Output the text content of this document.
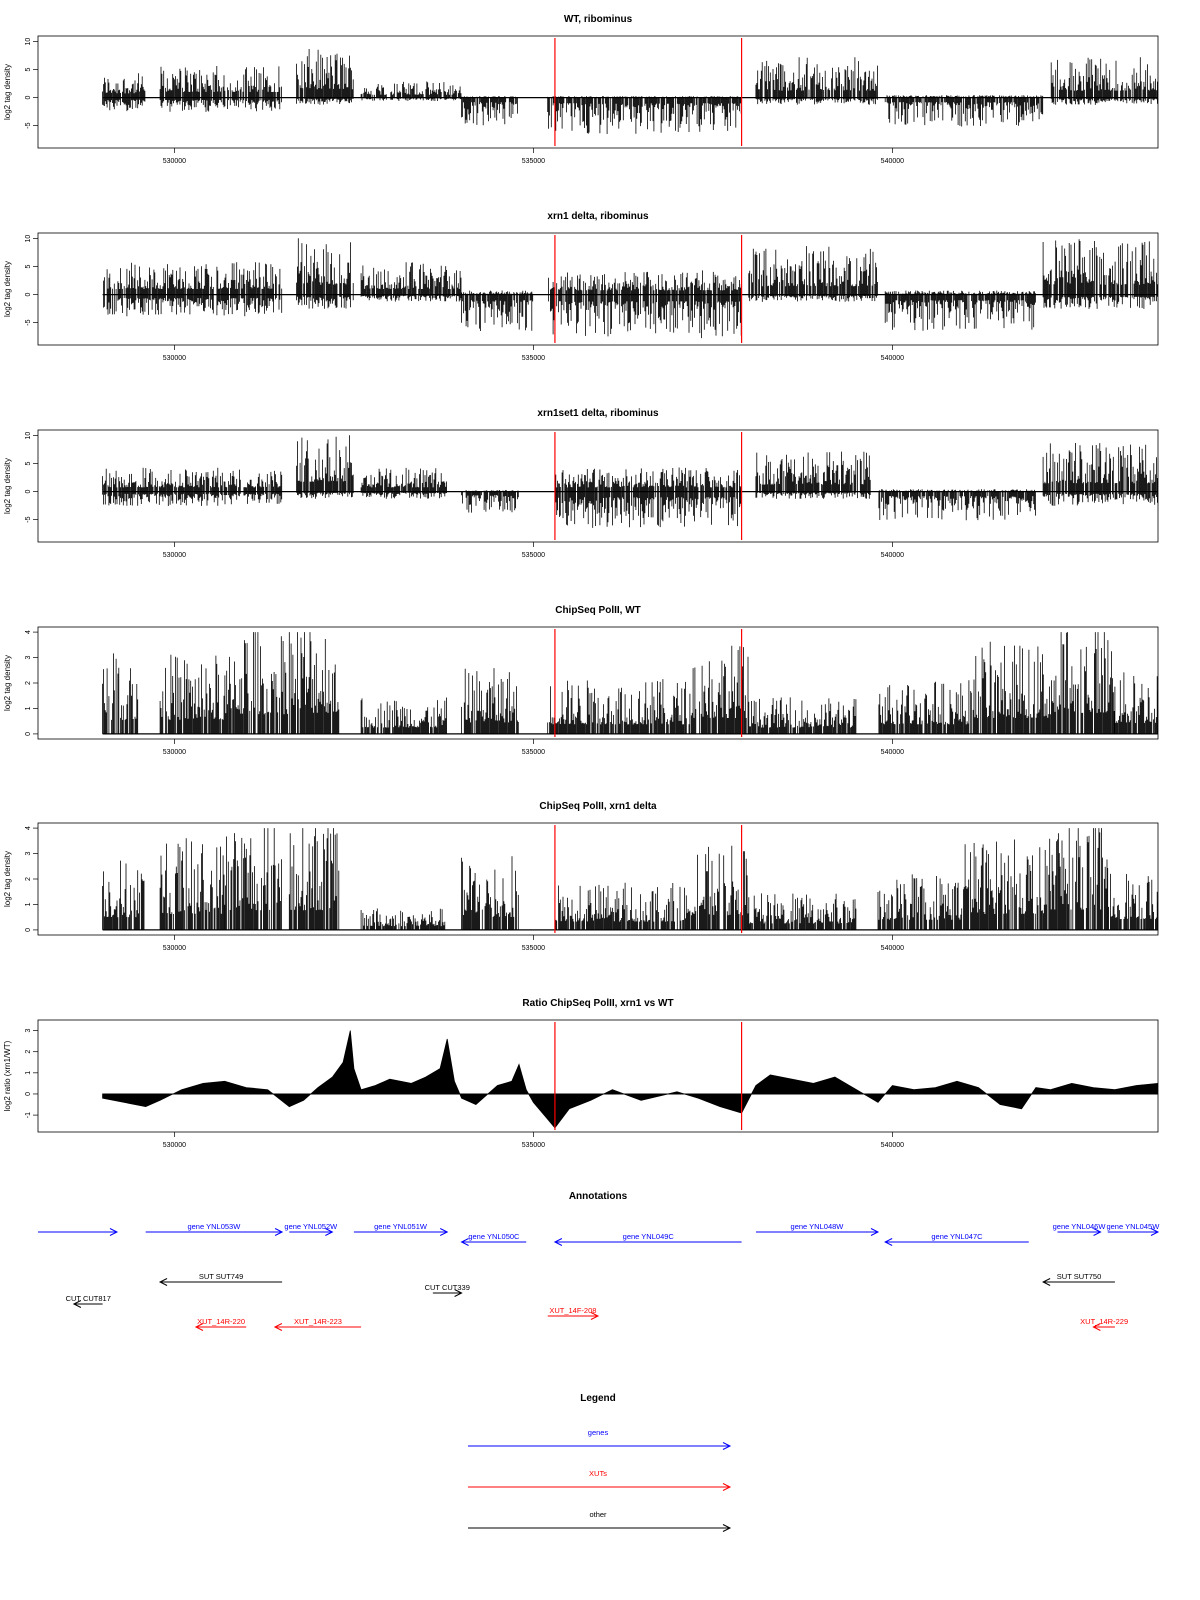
WT, ribominus
log2 tag density
530000	535000	540000
-5
0
5
10
xrn1 delta, ribominus
log2 tag density
530000	535000	540000
-5
0
5
10
xrn1set1 delta, ribominus
log2 tag density
530000	535000	540000
-5
0
5
10
ChipSeq PolII, WT
log2 tag density
530000	535000	540000
0
1
2
3
4
ChipSeq PolII, xrn1 delta
log2 tag density
530000	535000	540000
0
1
2
3
4
Ratio ChipSeq PolII, xrn1 vs WT
log2 ratio (xrn1/WT)
530000	535000	540000
-1
0
1
2
3
Annotations
gene YNL053W	gene YNL052W	gene YNL051W
gene YNL050C	gene YNL049C
gene YNL048W
gene YNL047C
gene YNL046W gene YNL045W
SUT SUT749
CUT CUT339
CUT CUT817
SUT SUT750
XUT_14R-220	XUT_14R-223
XUT_14F-208
XUT_14R-229
Legend
genes
XUTs
other
